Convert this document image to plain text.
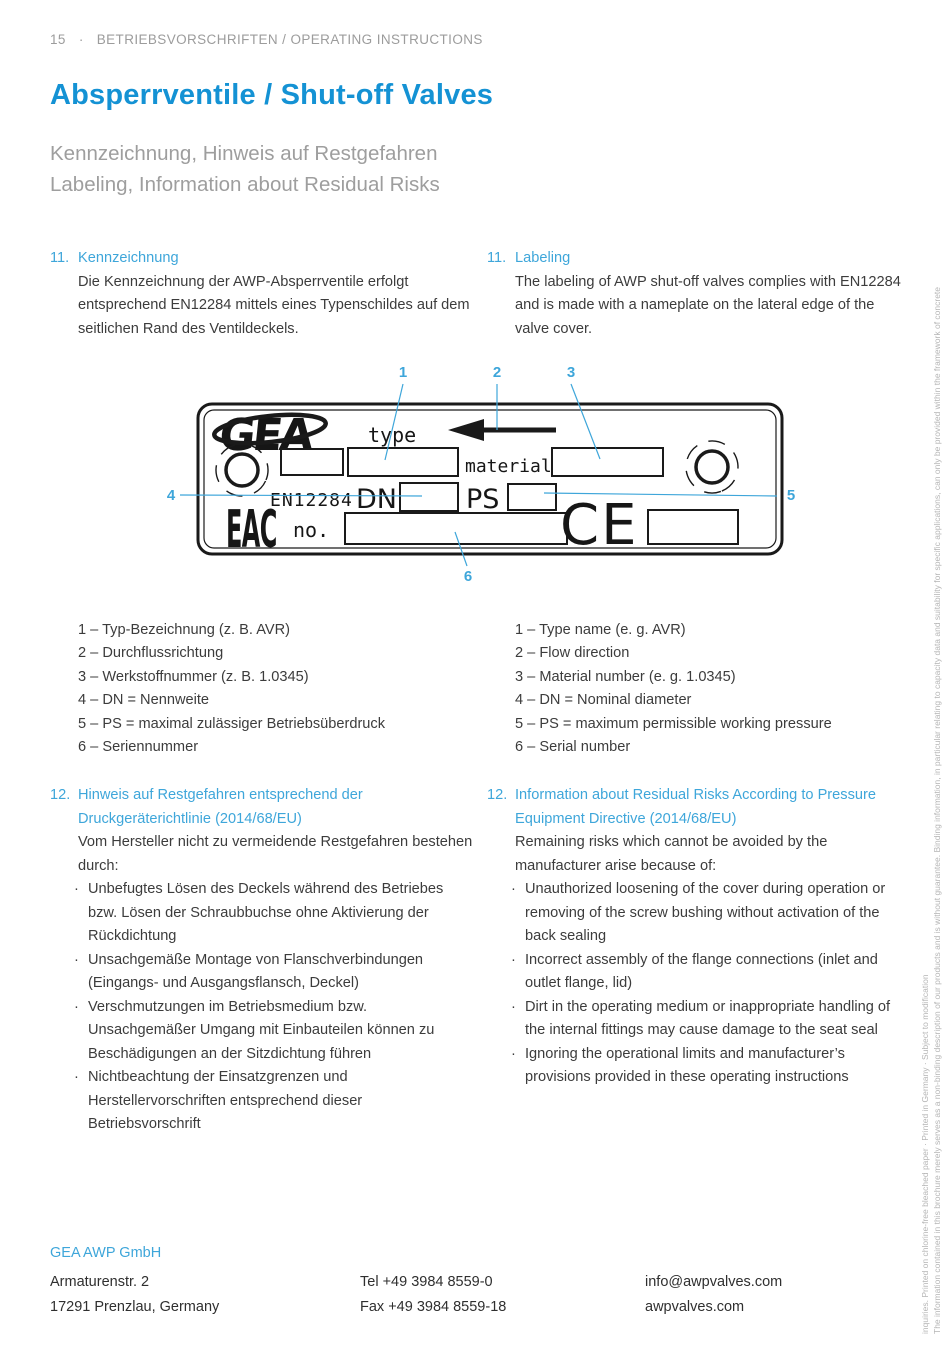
15 · BETRIEBSVORSCHRIFTEN / OPERATING INSTRUCTIONS
Absperrventile / Shut-off Valves
Kennzeichnung, Hinweis auf Restgefahren
Labeling, Information about Residual Risks
11. Kennzeichnung
Die Kennzeichnung der AWP-Absperrventile erfolgt entsprechend EN12284 mittels eines Typenschildes auf dem seitlichen Rand des Ventildeckels.
11. Labeling
The labeling of AWP shut-off valves complies with EN12284 and is made with a nameplate on the lateral edge of the valve cover.
GEA	type
material
EN12284 DN	PS
EAC no.	CE
1	2	3
4	5
6
1 – Typ-Bezeichnung (z. B. AVR)
2 – Durchflussrichtung
3 – Werkstoffnummer (z. B. 1.0345)
4 – DN = Nennweite
5 – PS = maximal zulässiger Betriebsüberdruck
6 – Seriennummer
1 – Type name (e. g. AVR)
2 – Flow direction
3 – Material number (e. g. 1.0345)
4 – DN = Nominal diameter
5 – PS = maximum permissible working pressure
6 – Serial number
12. Hinweis auf Restgefahren entsprechend der Druckgeräterichtlinie (2014/68/EU)
Vom Hersteller nicht zu vermeidende Restgefahren bestehen durch:
· Unbefugtes Lösen des Deckels während des Betriebes bzw. Lösen der Schraubbuchse ohne Aktivierung der Rückdichtung
· Unsachgemäße Montage von Flanschverbindungen (Eingangs- und Ausgangsflansch, Deckel)
· Verschmutzungen im Betriebsmedium bzw. Unsachgemäßer Umgang mit Einbauteilen können zu Beschädigungen an der Sitzdichtung führen
· Nichtbeachtung der Einsatzgrenzen und Herstellervorschriften entsprechend dieser Betriebsvorschrift
12. Information about Residual Risks According to Pressure Equipment Directive (2014/68/EU)
Remaining risks which cannot be avoided by the manufacturer arise because of:
· Unauthorized loosening of the cover during operation or removing of the screw bushing without activation of the back sealing
· Incorrect assembly of the flange connections (inlet and outlet flange, lid)
· Dirt in the operating medium or inappropriate handling of the internal fittings may cause damage to the seat seal
· Ignoring the operational limits and manufacturer’s provisions provided in these operating instructions
GEA AWP GmbH
Armaturenstr. 2
17291 Prenzlau, Germany
Tel +49 3984 8559-0
Fax +49 3984 8559-18
info@awpvalves.com
awpvalves.com	The information contained in this brochure merely serves as a non-binding description of our products and is without guarantee. Binding information, in particular relating to capacity data and suitability for specific applications, can only be provided within the framework of concrete
inquiries. Printed on chlorine-free bleached paper · Printed in Germany · Subject to modification
